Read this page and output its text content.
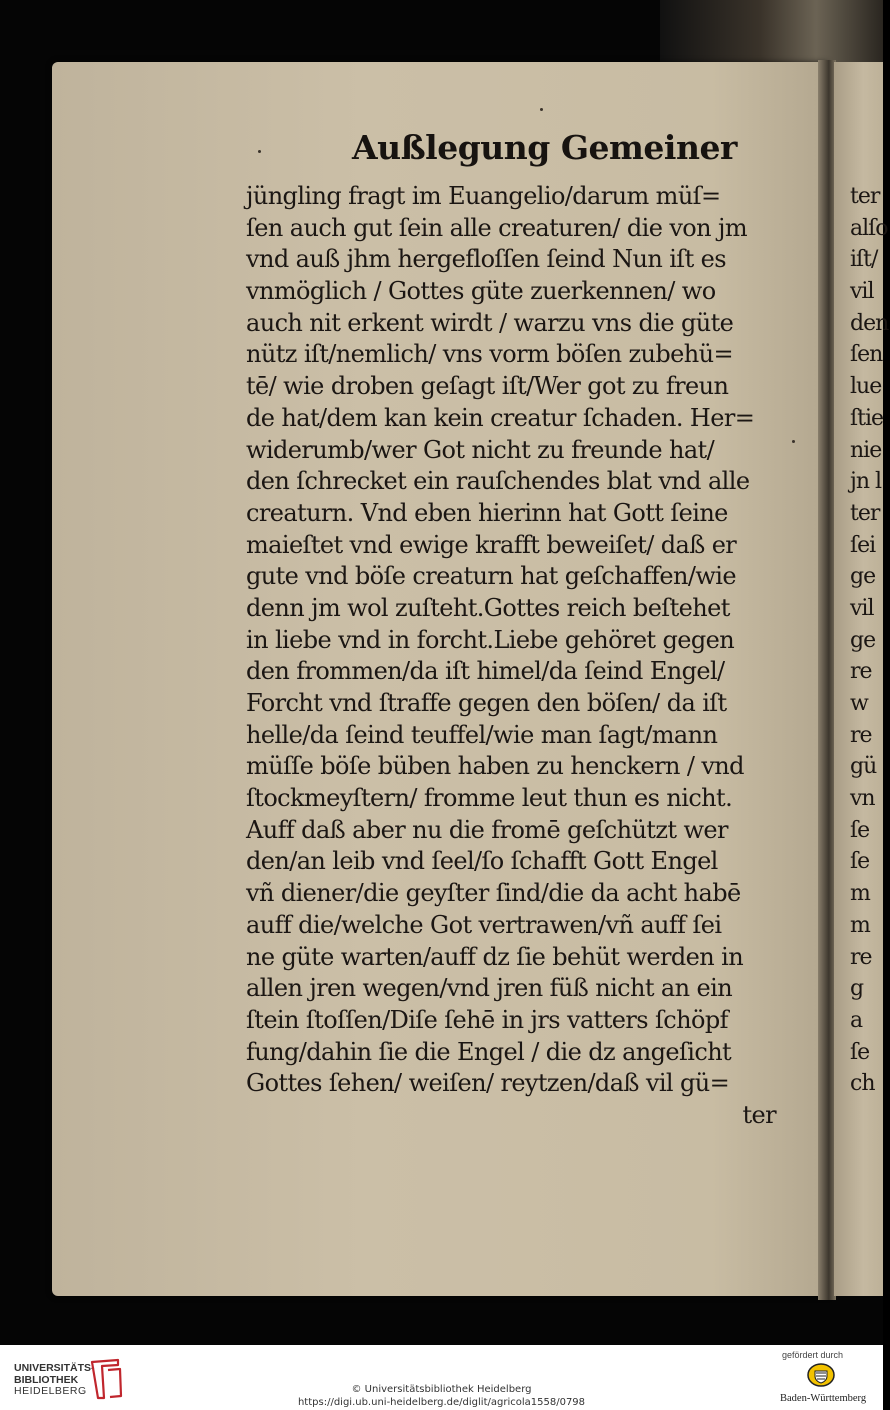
Außlegung Gemeiner
jüngling fragt im Euangelio/darum müſ=
ſen auch gut ſein alle creaturen/ die von jm
vnd auß jhm hergefloſſen ſeind Nun iſt es
vnmöglich / Gottes güte zuerkennen/ wo
auch nit erkent wirdt / warzu vns die güte
nütz iſt/nemlich/ vns vorm böſen zubehü=
tē/ wie droben geſagt iſt/Wer got zu freun
de hat/dem kan kein creatur ſchaden. Her=
widerumb/wer Got nicht zu freunde hat/
den ſchrecket ein rauſchendes blat vnd alle
creaturn. Vnd eben hierinn hat Gott ſeine
maieſtet vnd ewige krafft beweiſet/ daß er
gute vnd böſe creaturn hat geſchaffen/wie
denn jm wol zuſteht.Gottes reich beſtehet
in liebe vnd in forcht.Liebe gehöret gegen
den frommen/da iſt himel/da ſeind Engel/
Forcht vnd ſtraffe gegen den böſen/ da iſt
helle/da ſeind teuffel/wie man ſagt/mann
müſſe böſe büben haben zu henckern / vnd
ſtockmeyſtern/ fromme leut thun es nicht.
Auff daß aber nu die fromē geſchützt wer
den/an leib vnd ſeel/ſo ſchafft Gott Engel
vñ diener/die geyſter ſind/die da acht habē
auff die/welche Got vertrawen/vñ auff ſei
ne güte warten/auff dz ſie behüt werden in
allen jren wegen/vnd jren füß nicht an ein
ſtein ſtoſſen/Diſe ſehē in jrs vatters ſchöpf
fung/dahin ſie die Engel / die dz angeſicht
Gottes ſehen/ weiſen/ reytzen/daß vil gü=
ter
ter
alſo
iſt/
vil
den
ſen
lue
ſtie
nie
jn l
ter
ſei
ge
vil
ge
re
w
re
gü
vn
ſe
ſe
m
m
re
g
a
ſe
ch
UNIVERSITÄTS-
BIBLIOTHEK
HEIDELBERG	© Universitätsbibliothek Heidelberg
https://digi.ub.uni-heidelberg.de/diglit/agricola1558/0798
gefördert durch
Baden-Württemberg
